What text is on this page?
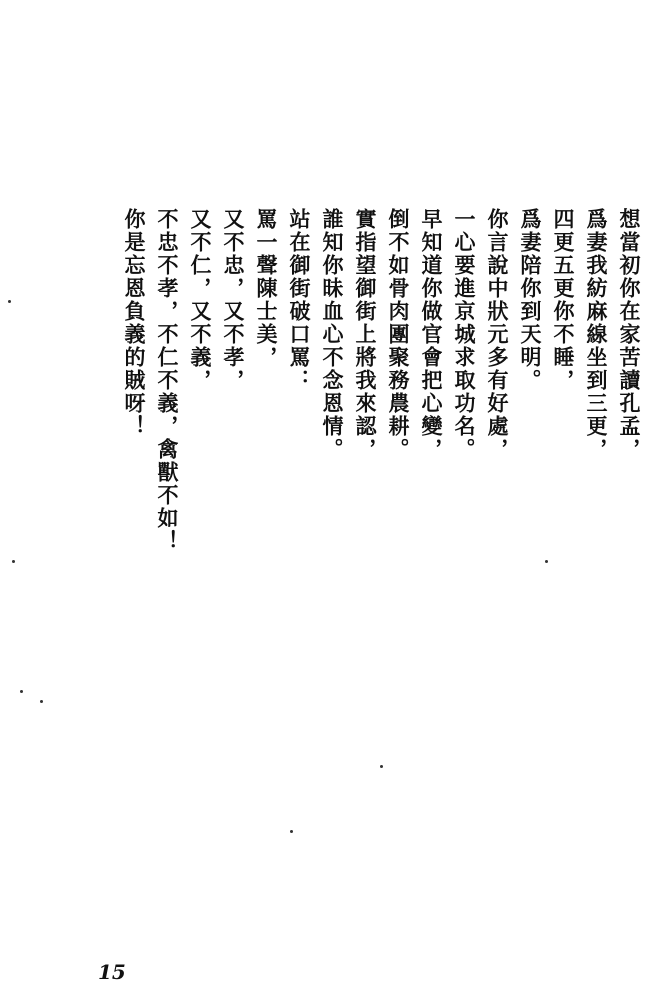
想當初你在家苦讀孔孟，
爲妻我紡麻線坐到三更，
四更五更你不睡，
爲妻陪你到天明。
你言說中狀元多有好處，
一心要進京城求取功名。
早知道你做官會把心變，
倒不如骨肉團聚務農耕。
實指望御街上將我來認，
誰知你昧血心不念恩情。
站在御街破口罵：
罵一聲陳士美，
又不忠，又不孝，
又不仁，又不義，
不忠不孝，不仁不義，禽獸不如！
你是忘恩負義的賊呀！
15
